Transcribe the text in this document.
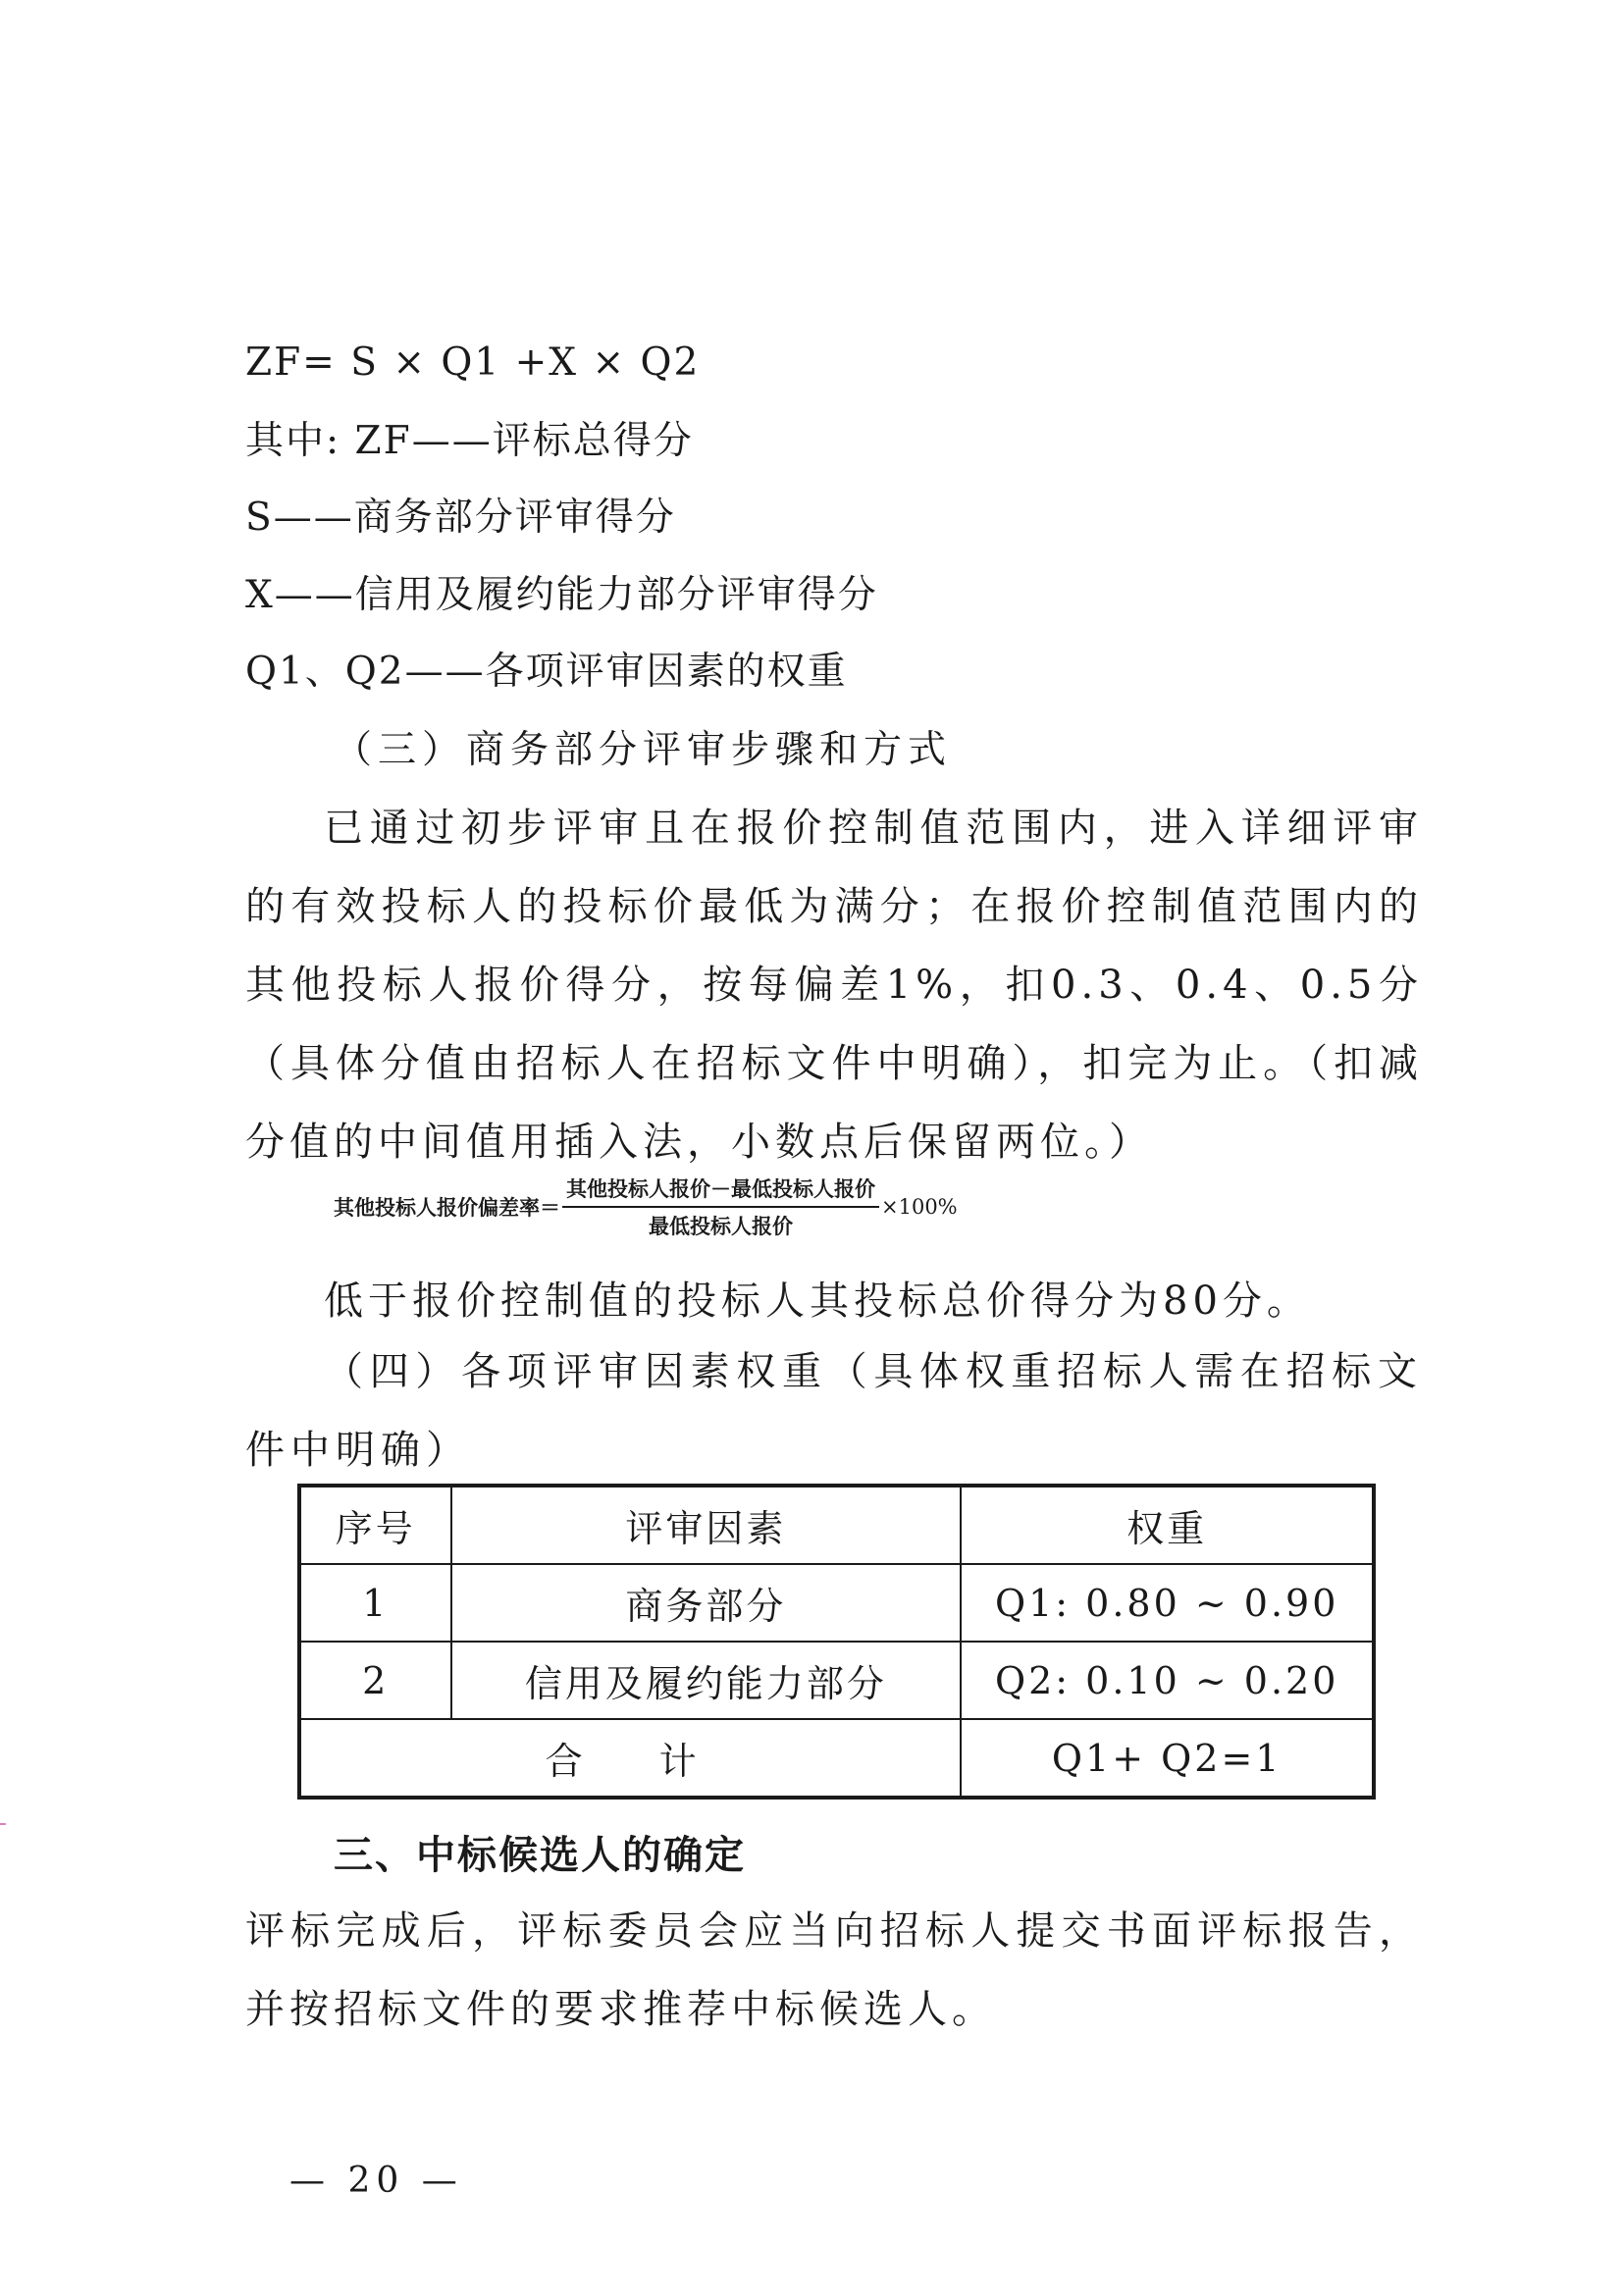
ZF= S × Q1 +X × Q2
其中: ZF——评标总得分
S——商务部分评审得分
X——信用及履约能力部分评审得分
Q1、Q2——各项评审因素的权重
（三）商务部分评审步骤和方式
已通过初步评审且在报价控制值范围内，进入详细评审的有效投标人的投标价最低为满分；在报价控制值范围内的其他投标人报价得分，按每偏差1%，扣0.3、0.4、0.5分（具体分值由招标人在招标文件中明确），扣完为止。（扣减分值的中间值用插入法，小数点后保留两位。）
其他投标人报价偏差率＝ $\frac{\text{其他投标人报价－最低投标人报价}}{\text{最低投标人报价}} \times 100\%$
低于报价控制值的投标人其投标总价得分为80分。
（四）各项评审因素权重（具体权重招标人需在招标文件中明确）
序号	评审因素	权重
1	商务部分	Q1: 0.80 ~ 0.90
2	信用及履约能力部分	Q2: 0.10 ~ 0.20
合　计		Q1+ Q2=1
三、中标候选人的确定
评标完成后，评标委员会应当向招标人提交书面评标报告，并按招标文件的要求推荐中标候选人。
— 20 —
